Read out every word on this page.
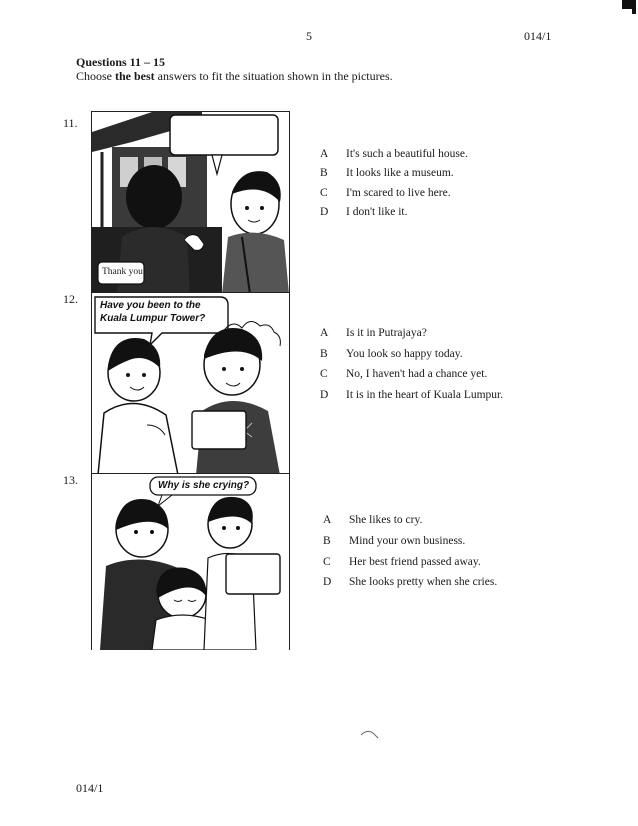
5	014/1
Questions 11 – 15
Choose the best answers to fit the situation shown in the pictures.
11.
12.
13.
Thank you.
Have you been to the
Kuala Lumpur Tower?
Why is she crying?
A It's such a beautiful house.
B It looks like a museum.
C I'm scared to live here.
D I don't like it.
A Is it in Putrajaya?
B You look so happy today.
C No, I haven't had a chance yet.
D It is in the heart of Kuala Lumpur.
A She likes to cry.
B Mind your own business.
C Her best friend passed away.
D She looks pretty when she cries.
014/1
